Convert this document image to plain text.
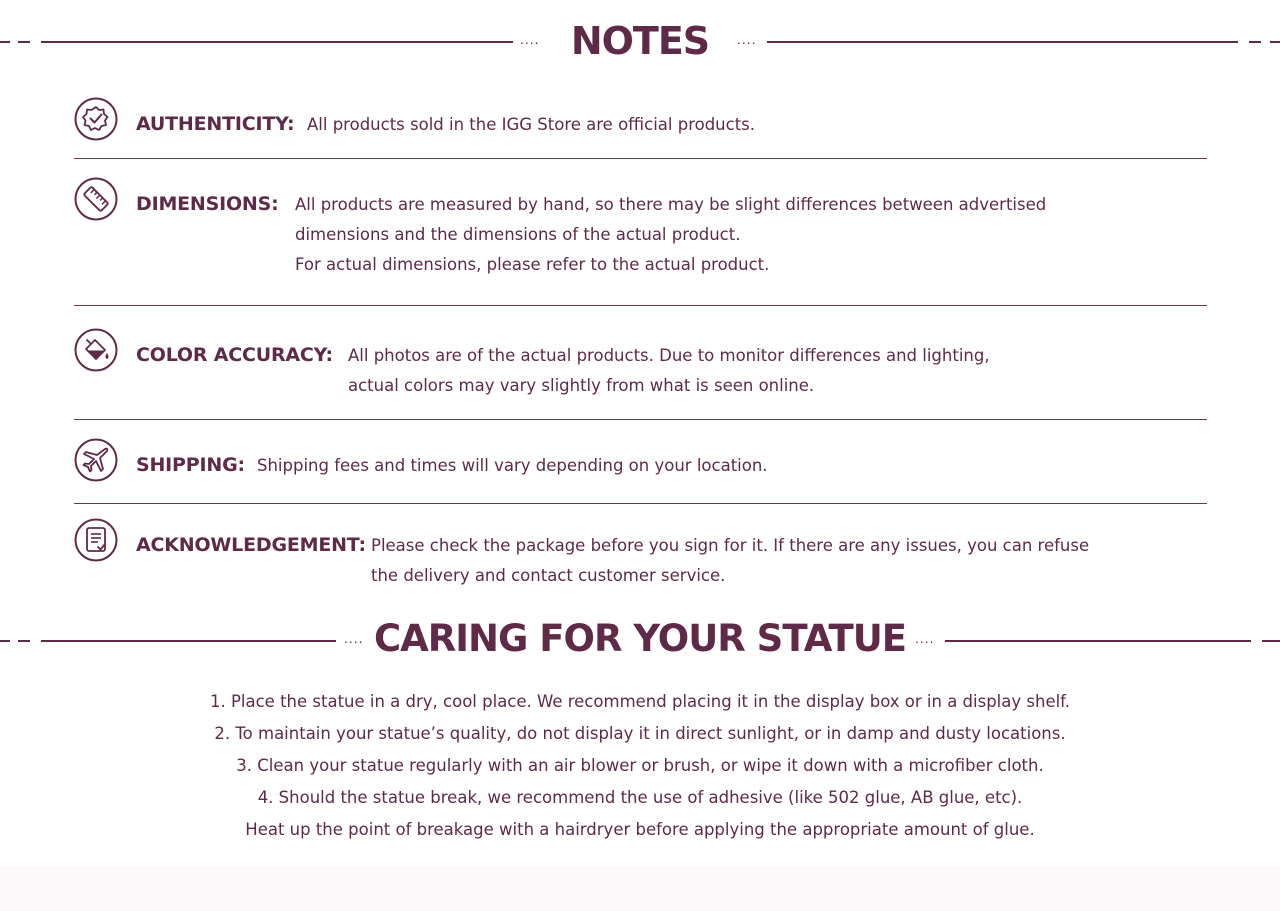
.... NOTES	....
AUTHENTICITY: All products sold in the IGG Store are official products.
DIMENSIONS: All products are measured by hand, so there may be slight differences between advertised
dimensions and the dimensions of the actual product.
For actual dimensions, please refer to the actual product.
COLOR ACCURACY: All photos are of the actual products. Due to monitor differences and lighting,
actual colors may vary slightly from what is seen online.
SHIPPING: Shipping fees and times will vary depending on your location.
ACKNOWLEDGEMENT: Please check the package before you sign for it. If there are any issues, you can refuse
the delivery and contact customer service.
.... CARING FOR YOUR STATUE ....
1. Place the statue in a dry, cool place. We recommend placing it in the display box or in a display shelf.
2. To maintain your statue’s quality, do not display it in direct sunlight, or in damp and dusty locations.
3. Clean your statue regularly with an air blower or brush, or wipe it down with a microfiber cloth.
4. Should the statue break, we recommend the use of adhesive (like 502 glue, AB glue, etc).
Heat up the point of breakage with a hairdryer before applying the appropriate amount of glue.
